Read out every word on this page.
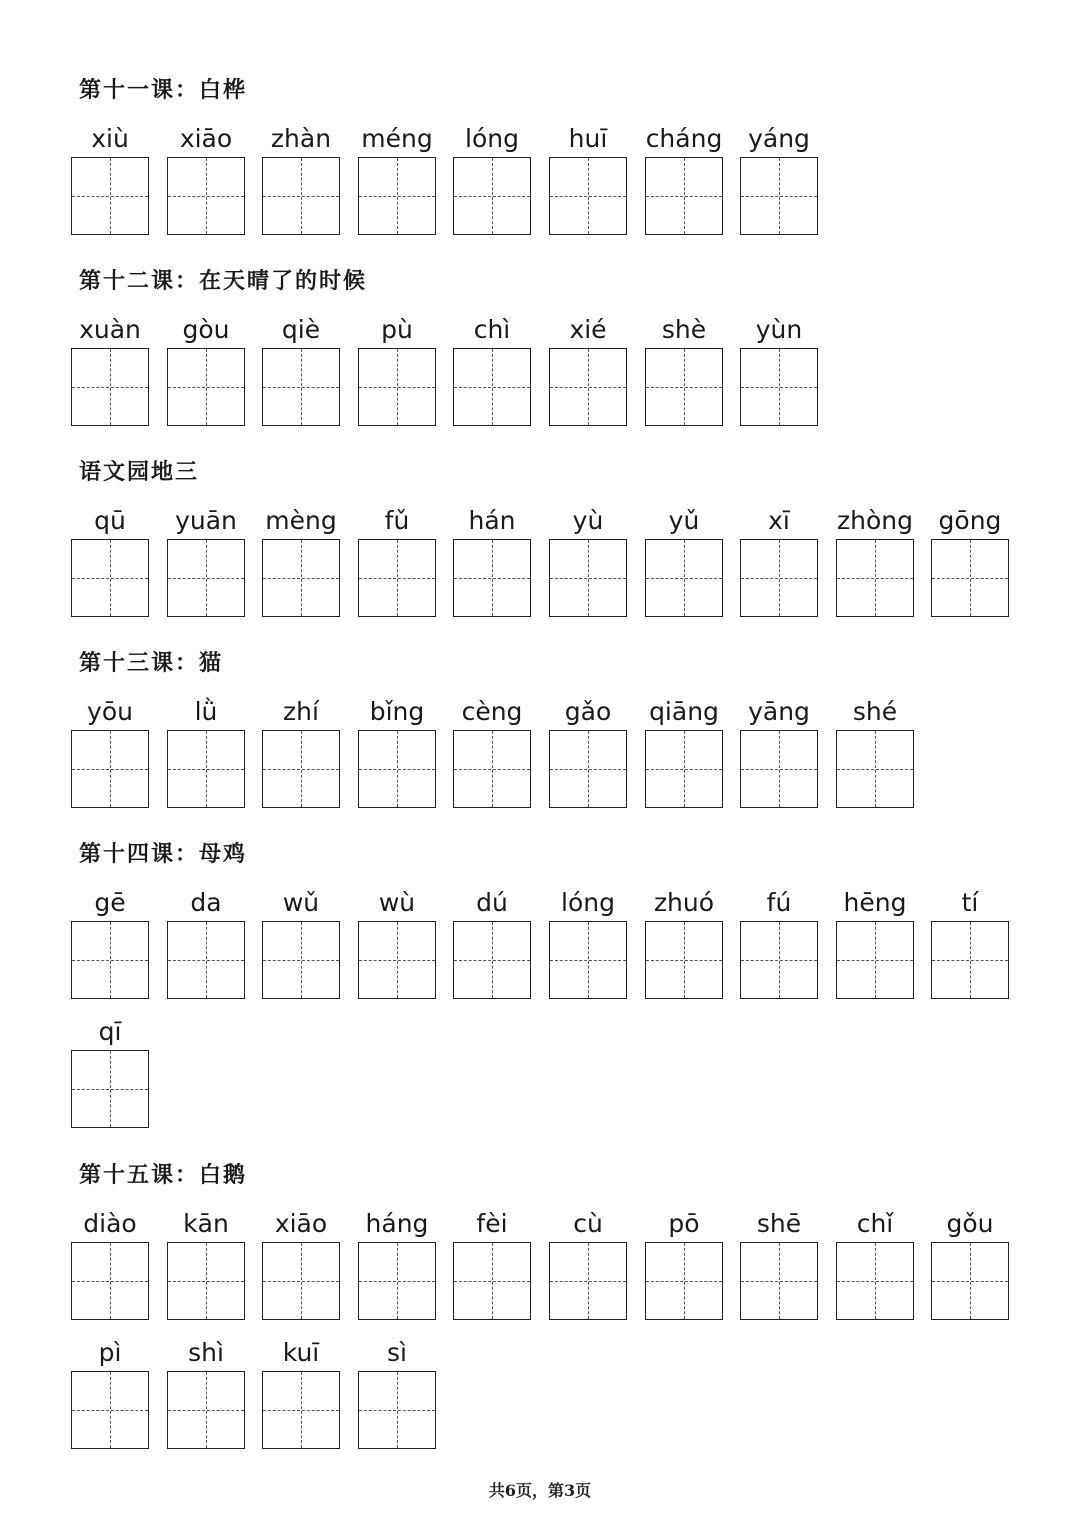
第十一课：白桦
xiù	xiāo	zhàn	méng	lóng	huī	cháng	yáng
第十二课：在天晴了的时候
xuàn	gòu	qiè	pù	chì	xié	shè	yùn
语文园地三
qū	yuān	mèng	fǔ	hán	yù	yǔ	xī	zhòng	gōng
第十三课：猫
yōu	lǜ	zhí	bǐng	cèng	gǎo	qiāng	yāng	shé
第十四课：母鸡
gē	da	wǔ	wù	dú	lóng	zhuó	fú	hēng	tí
qī
第十五课：白鹅
diào	kān	xiāo	háng	fèi	cù	pō	shē	chǐ	gǒu
pì	shì	kuī	sì
共6页，第3页
